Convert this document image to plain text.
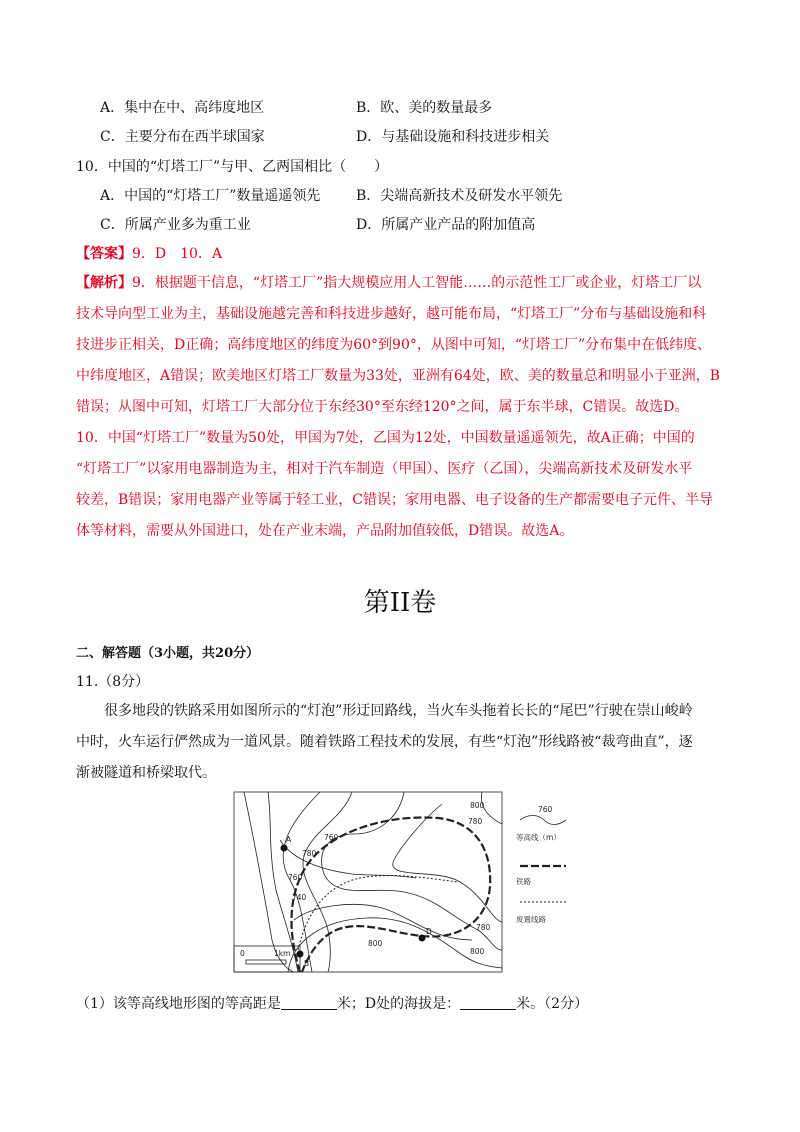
A．集中在中、高纬度地区	B．欧、美的数量最多
C．主要分布在西半球国家	D．与基础设施和科技进步相关
10．中国的“灯塔工厂”与甲、乙两国相比（　　）
A．中国的“灯塔工厂”数量遥遥领先	B．尖端高新技术及研发水平领先
C．所属产业多为重工业	D．所属产业产品的附加值高
【答案】9．D　10．A
【解析】9．根据题干信息，“灯塔工厂”指大规模应用人工智能……的示范性工厂或企业，灯塔工厂以
技术导向型工业为主，基础设施越完善和科技进步越好，越可能布局，“灯塔工厂”分布与基础设施和科
技进步正相关，D正确；高纬度地区的纬度为60°到90°，从图中可知，“灯塔工厂”分布集中在低纬度、
中纬度地区，A错误；欧美地区灯塔工厂数量为33处，亚洲有64处，欧、美的数量总和明显小于亚洲，B
错误；从图中可知，灯塔工厂大部分位于东经30°至东经120°之间，属于东半球，C错误。故选D。
10．中国“灯塔工厂”数量为50处，甲国为7处，乙国为12处，中国数量遥遥领先，故A正确；中国的
“灯塔工厂”以家用电器制造为主，相对于汽车制造（甲国）、医疗（乙国），尖端高新技术及研发水平
较差，B错误；家用电器产业等属于轻工业，C错误；家用电器、电子设备的生产都需要电子元件、半导
体等材料，需要从外国进口，处在产业末端，产品附加值较低，D错误。故选A。
第II卷
二、解答题（3小题，共20分）
11.（8分）
很多地段的铁路采用如图所示的“灯泡”形迂回路线，当火车头拖着长长的“尾巴”行驶在崇山峻岭
中时，火车运行俨然成为一道风景。随着铁路工程技术的发展，有些“灯泡”形线路被“裁弯曲直”，逐
渐被隧道和桥梁取代。
800
780
760
780
760
740
780
800
800
A
D
B
0	1km
760
等高线（m）
铁路
废置线路
（1）该等高线地形图的等高距是	米；D处的海拔是：	米。（2分）
